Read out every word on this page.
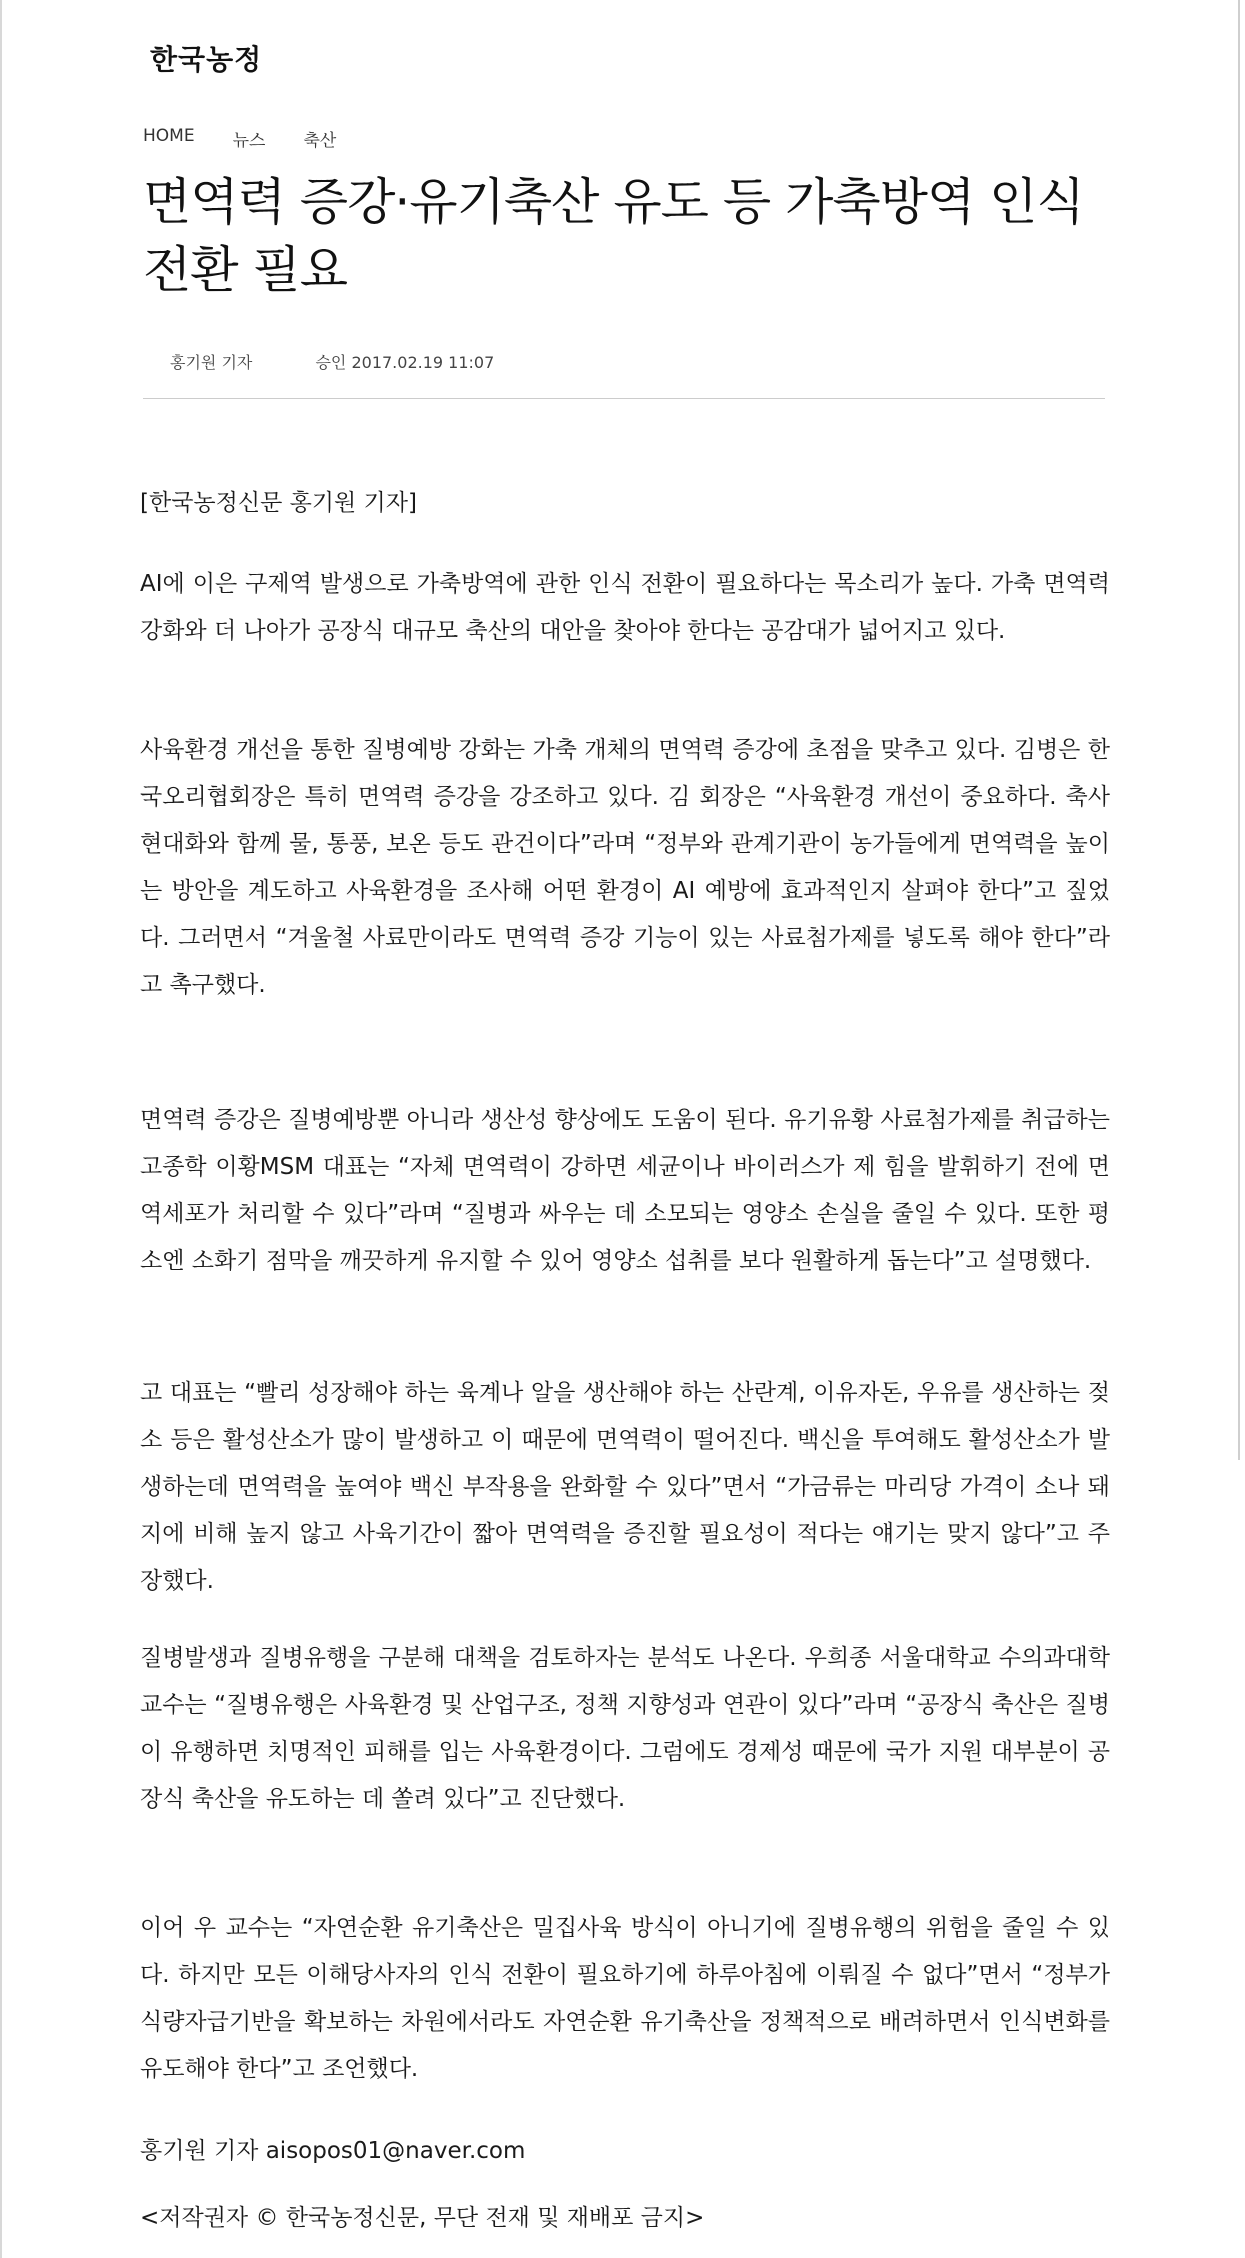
한국농정
HOME 뉴스 축산
면역력 증강·유기축산 유도 등 가축방역 인식
전환 필요
홍기원 기자	승인 2017.02.19 11:07

[한국농정신문 홍기원 기자]

AI에 이은 구제역 발생으로 가축방역에 관한 인식 전환이 필요하다는 목소리가 높다. 가축 면역력 강화와 더 나아가 공장식 대규모 축산의 대안을 찾아야 한다는 공감대가 넓어지고 있다.

사육환경 개선을 통한 질병예방 강화는 가축 개체의 면역력 증강에 초점을 맞추고 있다. 김병은 한국오리협회장은 특히 면역력 증강을 강조하고 있다. 김 회장은 “사육환경 개선이 중요하다. 축사현대화와 함께 물, 통풍, 보온 등도 관건이다”라며 “정부와 관계기관이 농가들에게 면역력을 높이는 방안을 계도하고 사육환경을 조사해 어떤 환경이 AI 예방에 효과적인지 살펴야 한다”고 짚었다. 그러면서 “겨울철 사료만이라도 면역력 증강 기능이 있는 사료첨가제를 넣도록 해야 한다”라고 촉구했다.

면역력 증강은 질병예방뿐 아니라 생산성 향상에도 도움이 된다. 유기유황 사료첨가제를 취급하는 고종학 이황MSM 대표는 “자체 면역력이 강하면 세균이나 바이러스가 제 힘을 발휘하기 전에 면역세포가 처리할 수 있다”라며 “질병과 싸우는 데 소모되는 영양소 손실을 줄일 수 있다. 또한 평소엔 소화기 점막을 깨끗하게 유지할 수 있어 영양소 섭취를 보다 원활하게 돕는다”고 설명했다.

고 대표는 “빨리 성장해야 하는 육계나 알을 생산해야 하는 산란계, 이유자돈, 우유를 생산하는 젖소 등은 활성산소가 많이 발생하고 이 때문에 면역력이 떨어진다. 백신을 투여해도 활성산소가 발생하는데 면역력을 높여야 백신 부작용을 완화할 수 있다”면서 “가금류는 마리당 가격이 소나 돼지에 비해 높지 않고 사육기간이 짧아 면역력을 증진할 필요성이 적다는 얘기는 맞지 않다”고 주장했다.

질병발생과 질병유행을 구분해 대책을 검토하자는 분석도 나온다. 우희종 서울대학교 수의과대학 교수는 “질병유행은 사육환경 및 산업구조, 정책 지향성과 연관이 있다”라며 “공장식 축산은 질병이 유행하면 치명적인 피해를 입는 사육환경이다. 그럼에도 경제성 때문에 국가 지원 대부분이 공장식 축산을 유도하는 데 쏠려 있다”고 진단했다.

이어 우 교수는 “자연순환 유기축산은 밀집사육 방식이 아니기에 질병유행의 위험을 줄일 수 있다. 하지만 모든 이해당사자의 인식 전환이 필요하기에 하루아침에 이뤄질 수 없다”면서 “정부가 식량자급기반을 확보하는 차원에서라도 자연순환 유기축산을 정책적으로 배려하면서 인식변화를 유도해야 한다”고 조언했다.

홍기원 기자 aisopos01@naver.com

<저작권자 © 한국농정신문, 무단 전재 및 재배포 금지>
